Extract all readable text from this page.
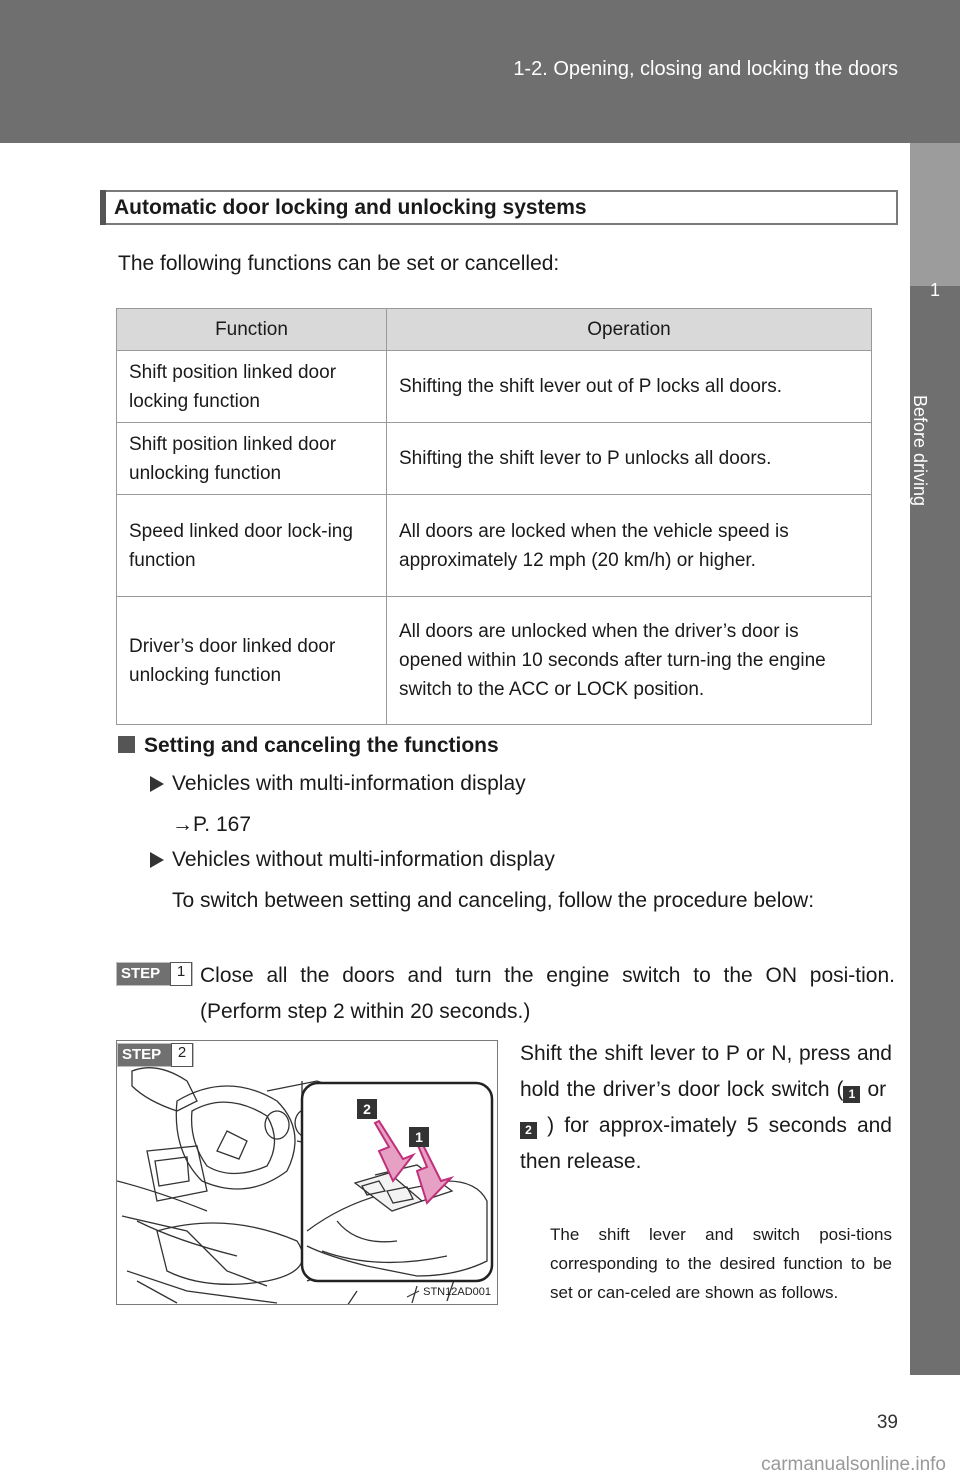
1-2. Opening, closing and locking the doors
1
Before driving
Automatic door locking and unlocking systems
The following functions can be set or cancelled:
Function	Operation
Shift position linked door locking function	Shifting the shift lever out of P locks all doors.
Shift position linked door unlocking function	Shifting the shift lever to P unlocks all doors.
Speed linked door lock-ing function	All doors are locked when the vehicle speed is approximately 12 mph (20 km/h) or higher.
Driver’s door linked door unlocking function	All doors are unlocked when the driver’s door is opened within 10 seconds after turn-ing the engine switch to the ACC or LOCK position.
Setting and canceling the functions
Vehicles with multi-information display
→P. 167
Vehicles without multi-information display
To switch between setting and canceling, follow the procedure below:
STEP	1 Close all the doors and turn the engine switch to the ON posi-tion. (Perform step 2 within 20 seconds.)
STEP	2
2
1
STN12AD001
Shift the shift lever to P or N, press and hold the driver’s door lock switch ( 1 or 2 ) for approx-imately 5 seconds and then release.
The shift lever and switch posi-tions corresponding to the desired function to be set or can-celed are shown as follows.
39
carmanualsonline.info
